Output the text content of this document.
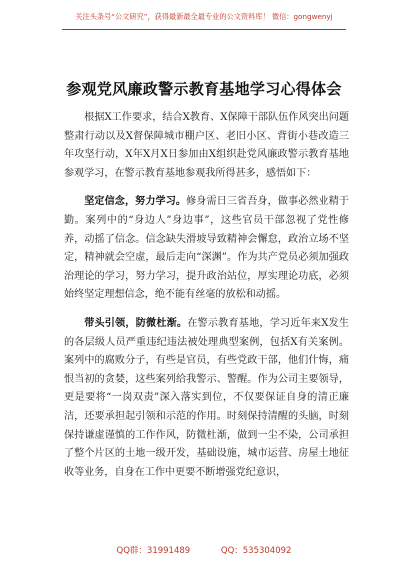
关注头条号“公文研究”，获得最新最全最专业的公文资料库！ 微信：gongwenyj
参观党风廉政警示教育基地学习心得体会

根据X工作要求，结合X教育、X保障干部队伍作风突出问题整肃行动以及X督保障城市棚户区、老旧小区、背街小巷改造三年攻坚行动，X年X月X日参加由X组织赴党风廉政警示教育基地参观学习，在警示教育基地参观我所得甚多，感悟如下：

坚定信念，努力学习。修身需日三省吾身，做事必然业精于勤。案列中的“身边人”身边事”，这些官员干部忽视了党性修养，动摇了信念。信念缺失滑坡导致精神会懈怠，政治立场不坚定，精神就会空虚，最后走向“深渊”。作为共产党员必须加强政治理论的学习，努力学习，提升政治站位，厚实理论功底，必须始终坚定理想信念，绝不能有丝毫的放松和动摇。

带头引领，防微杜渐。在警示教育基地，学习近年来X发生的各层级人员严重违纪违法被处理典型案例，包括X有关案例。案列中的腐败分子，有些是官员，有些党政干部，他们什悔，痛恨当初的贪婪，这些案列给我警示、警醒。作为公司主要领导，更是要将“一岗双责”深入落实到位，不仅要保证自身的清正廉洁，还要承担起引领和示范的作用。时刻保持清醒的头脑，时刻保持谦虚谨慎的工作作风，防微杜渐，做到一尘不染，公司承担了整个片区的土地一级开发，基础设施，城市运营、房屋土地征收等业务，自身在工作中更要不断增强党纪意识，

QQ群：31991489	QQ：535304092
